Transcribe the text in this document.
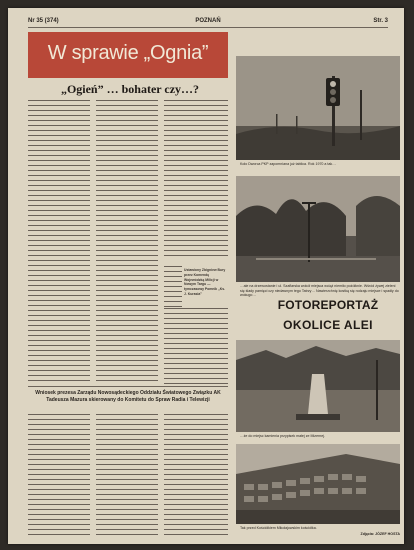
Nr 35 (374)	POZNAŃ	Str. 3
W sprawie „Ognia”
„Ogień” … bohater czy…?
Ustawiony Zbigniew Bury przez Komendę Wojewódzką Milicji w Nowym Targu — tymczasowy Pomnik „Ks. J. Kurasia”
Wniosek prezesa Zarządu Nowosądeckiego Oddziału Światowego Związku AK Tadeusza Mazura skierowany do Komitetu do Spraw Radia i Telewizji
Koło Dworca PKP zapomniana już tablica. Rok 1970 a tak…
…ale na drzewostanie i ul. Szaflarska wokół miejsca wciąż niemiło pożółknie. Wśród żywej zieleni się ślady pamięci czy niedawnym tego Tatrzy… Nawierzchnię kostką się rodzaju miejsce i spadły do wokugo…
FOTOREPORTAŻ
OKOLICE ALEI
…że do miejsc kamienia przypisek małej ze Mizernej.
Tak przed Kościółkiem Mikołajowskim kościółka.
Zdjęcia: JÓZEF HOSTA
